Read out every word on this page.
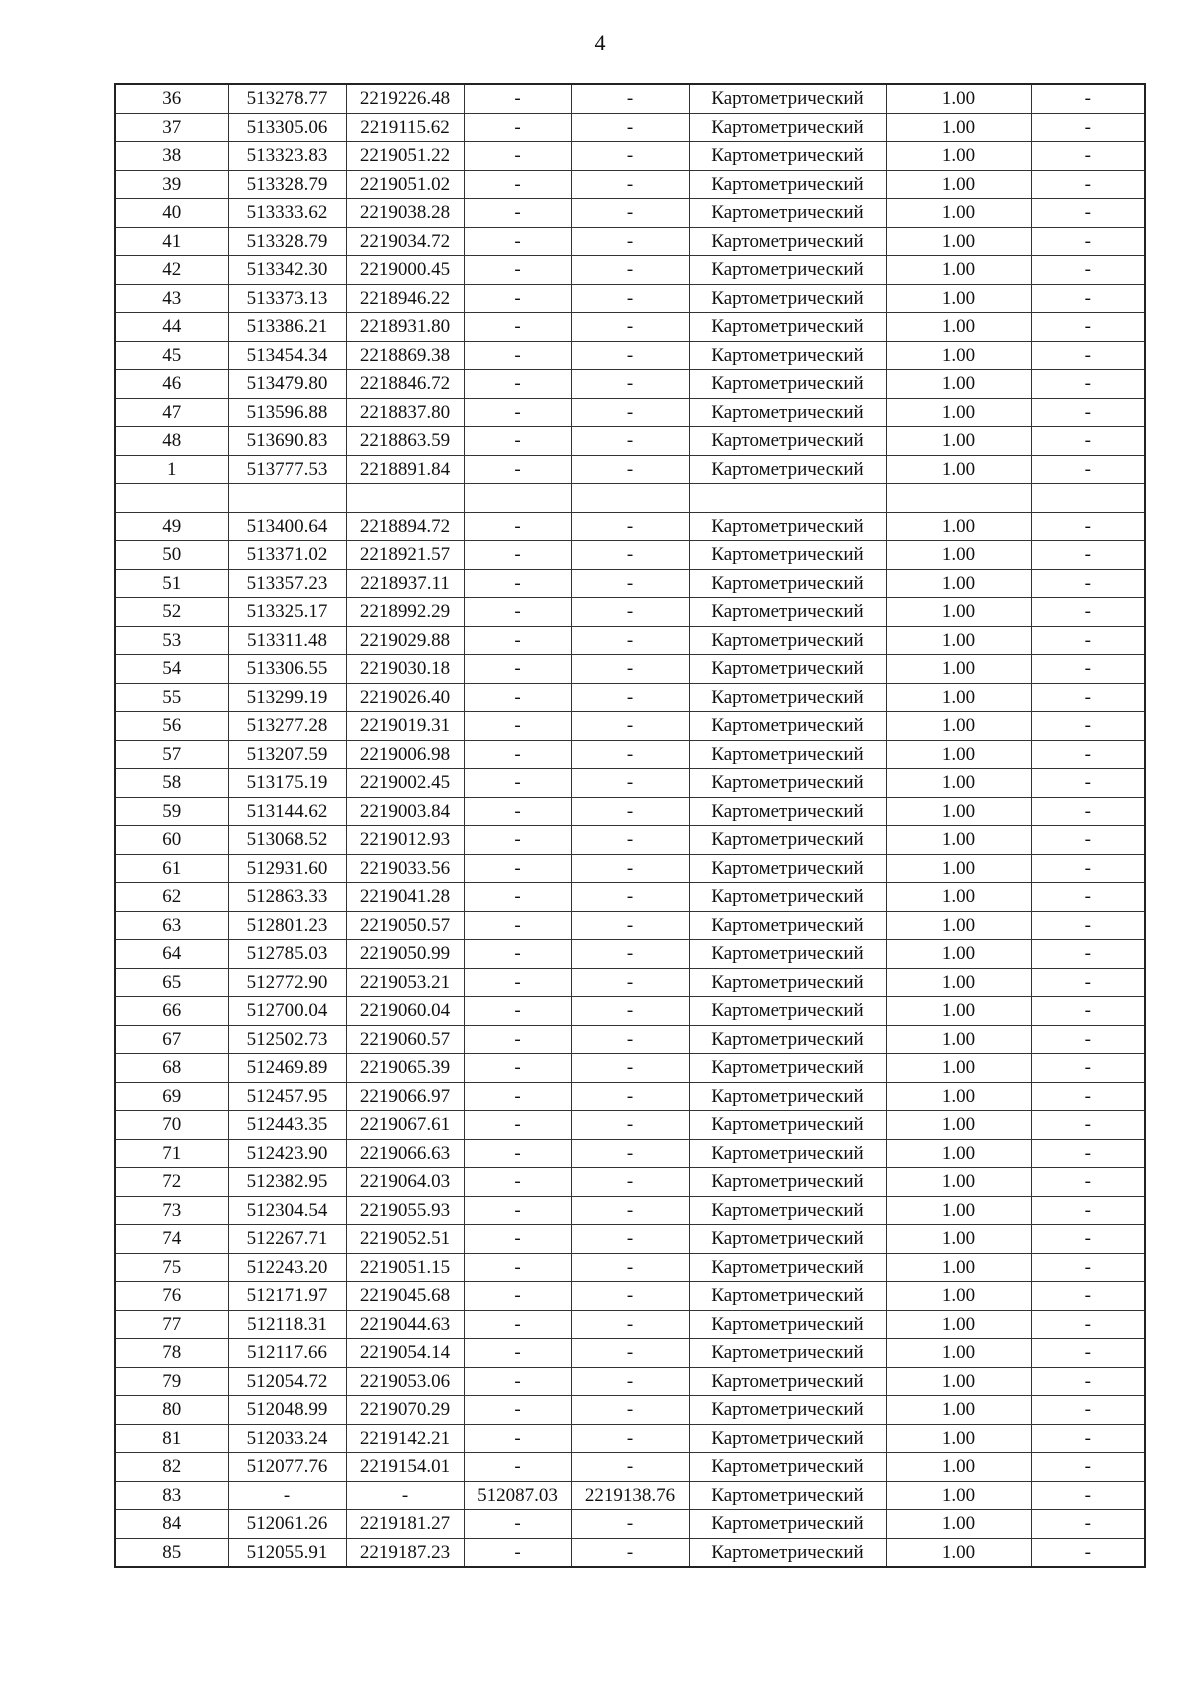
4
36	513278.77	2219226.48	-	-	Картометрический	1.00	-
37	513305.06	2219115.62	-	-	Картометрический	1.00	-
38	513323.83	2219051.22	-	-	Картометрический	1.00	-
39	513328.79	2219051.02	-	-	Картометрический	1.00	-
40	513333.62	2219038.28	-	-	Картометрический	1.00	-
41	513328.79	2219034.72	-	-	Картометрический	1.00	-
42	513342.30	2219000.45	-	-	Картометрический	1.00	-
43	513373.13	2218946.22	-	-	Картометрический	1.00	-
44	513386.21	2218931.80	-	-	Картометрический	1.00	-
45	513454.34	2218869.38	-	-	Картометрический	1.00	-
46	513479.80	2218846.72	-	-	Картометрический	1.00	-
47	513596.88	2218837.80	-	-	Картометрический	1.00	-
48	513690.83	2218863.59	-	-	Картометрический	1.00	-
1	513777.53	2218891.84	-	-	Картометрический	1.00	-

49	513400.64	2218894.72	-	-	Картометрический	1.00	-
50	513371.02	2218921.57	-	-	Картометрический	1.00	-
51	513357.23	2218937.11	-	-	Картометрический	1.00	-
52	513325.17	2218992.29	-	-	Картометрический	1.00	-
53	513311.48	2219029.88	-	-	Картометрический	1.00	-
54	513306.55	2219030.18	-	-	Картометрический	1.00	-
55	513299.19	2219026.40	-	-	Картометрический	1.00	-
56	513277.28	2219019.31	-	-	Картометрический	1.00	-
57	513207.59	2219006.98	-	-	Картометрический	1.00	-
58	513175.19	2219002.45	-	-	Картометрический	1.00	-
59	513144.62	2219003.84	-	-	Картометрический	1.00	-
60	513068.52	2219012.93	-	-	Картометрический	1.00	-
61	512931.60	2219033.56	-	-	Картометрический	1.00	-
62	512863.33	2219041.28	-	-	Картометрический	1.00	-
63	512801.23	2219050.57	-	-	Картометрический	1.00	-
64	512785.03	2219050.99	-	-	Картометрический	1.00	-
65	512772.90	2219053.21	-	-	Картометрический	1.00	-
66	512700.04	2219060.04	-	-	Картометрический	1.00	-
67	512502.73	2219060.57	-	-	Картометрический	1.00	-
68	512469.89	2219065.39	-	-	Картометрический	1.00	-
69	512457.95	2219066.97	-	-	Картометрический	1.00	-
70	512443.35	2219067.61	-	-	Картометрический	1.00	-
71	512423.90	2219066.63	-	-	Картометрический	1.00	-
72	512382.95	2219064.03	-	-	Картометрический	1.00	-
73	512304.54	2219055.93	-	-	Картометрический	1.00	-
74	512267.71	2219052.51	-	-	Картометрический	1.00	-
75	512243.20	2219051.15	-	-	Картометрический	1.00	-
76	512171.97	2219045.68	-	-	Картометрический	1.00	-
77	512118.31	2219044.63	-	-	Картометрический	1.00	-
78	512117.66	2219054.14	-	-	Картометрический	1.00	-
79	512054.72	2219053.06	-	-	Картометрический	1.00	-
80	512048.99	2219070.29	-	-	Картометрический	1.00	-
81	512033.24	2219142.21	-	-	Картометрический	1.00	-
82	512077.76	2219154.01	-	-	Картометрический	1.00	-
83	-	-	512087.03	2219138.76	Картометрический	1.00	-
84	512061.26	2219181.27	-	-	Картометрический	1.00	-
85	512055.91	2219187.23	-	-	Картометрический	1.00	-
